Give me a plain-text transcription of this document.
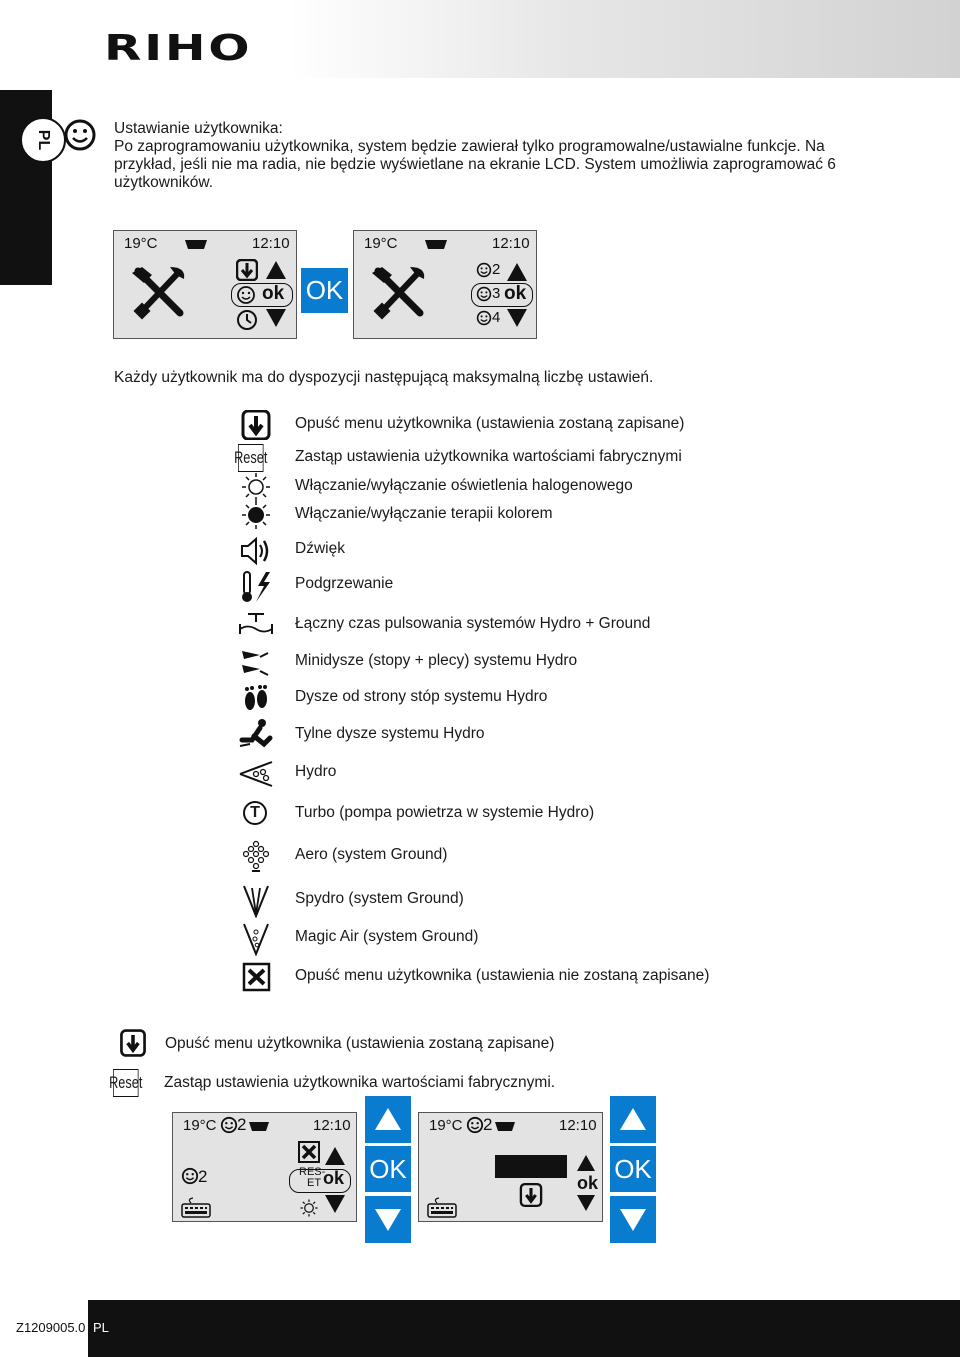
RIHO
PL
Ustawianie użytkownika:
Po zaprogramowaniu użytkownika, system będzie zawierał tylko programowalne/ustawialne funkcje. Na
przykład, jeśli nie ma radia, nie będzie wyświetlane na ekranie LCD. System umożliwia zaprogramować 6
użytkowników.
19°C	12:10
ok OK
19°C	12:10
2
3 ok
4
Każdy użytkownik ma do dyspozycji następującą maksymalną liczbę ustawień.
Opuść menu użytkownika (ustawienia zostaną zapisane)
Reset Zastąp ustawienia użytkownika wartościami fabrycznymi
Włączanie/wyłączanie oświetlenia halogenowego
Włączanie/wyłączanie terapii kolorem
Dźwięk
Podgrzewanie
Łączny czas pulsowania systemów Hydro + Ground
Minidysze (stopy + plecy) systemu Hydro
Dysze od strony stóp systemu Hydro
Tylne dysze systemu Hydro
Hydro
T	Turbo (pompa powietrza w systemie Hydro)
Aero (system Ground)
Spydro (system Ground)
Magic Air (system Ground)
Opuść menu użytkownika (ustawienia nie zostaną zapisane)
Opuść menu użytkownika (ustawienia zostaną zapisane)
Reset Zastąp ustawienia użytkownika wartościami fabrycznymi.
19°C 2	12:10
2	RES-
ET ok OK
19°C 2	12:10
ok OK
Z1209005.0 PL
